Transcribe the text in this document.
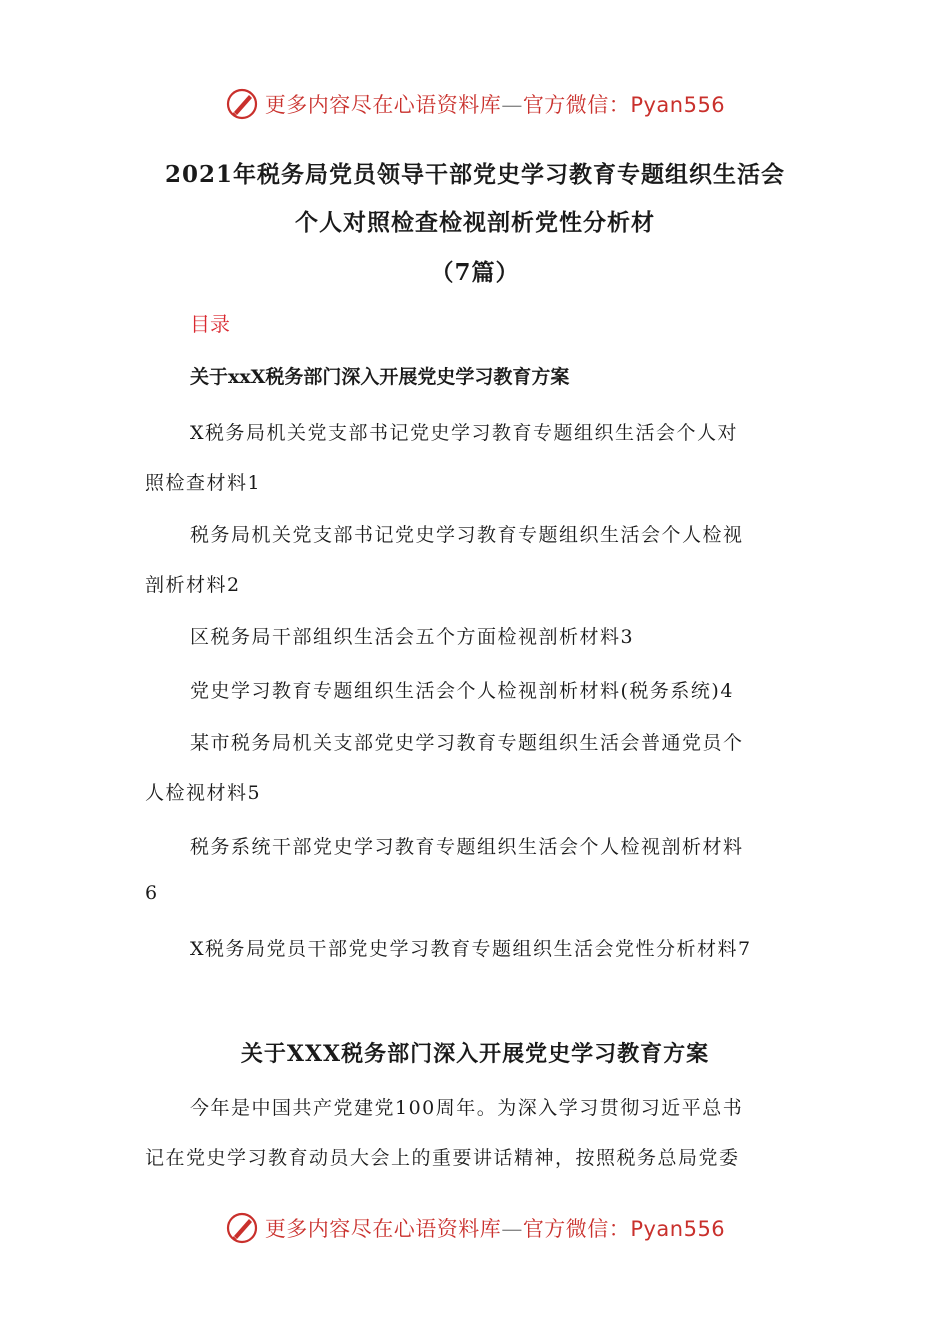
更多内容尽在心语资料库—官方微信：Pyan556
2021年税务局党员领导干部党史学习教育专题组织生活会
个人对照检查检视剖析党性分析材
（7篇）
目录
关于xxX税务部门深入开展党史学习教育方案
X税务局机关党支部书记党史学习教育专题组织生活会个人对
照检查材料1
税务局机关党支部书记党史学习教育专题组织生活会个人检视
剖析材料2
区税务局干部组织生活会五个方面检视剖析材料3
党史学习教育专题组织生活会个人检视剖析材料(税务系统)4
某市税务局机关支部党史学习教育专题组织生活会普通党员个
人检视材料5
税务系统干部党史学习教育专题组织生活会个人检视剖析材料
6
X税务局党员干部党史学习教育专题组织生活会党性分析材料7
关于XXX税务部门深入开展党史学习教育方案
今年是中国共产党建党100周年。为深入学习贯彻习近平总书
记在党史学习教育动员大会上的重要讲话精神，按照税务总局党委
更多内容尽在心语资料库—官方微信：Pyan556
